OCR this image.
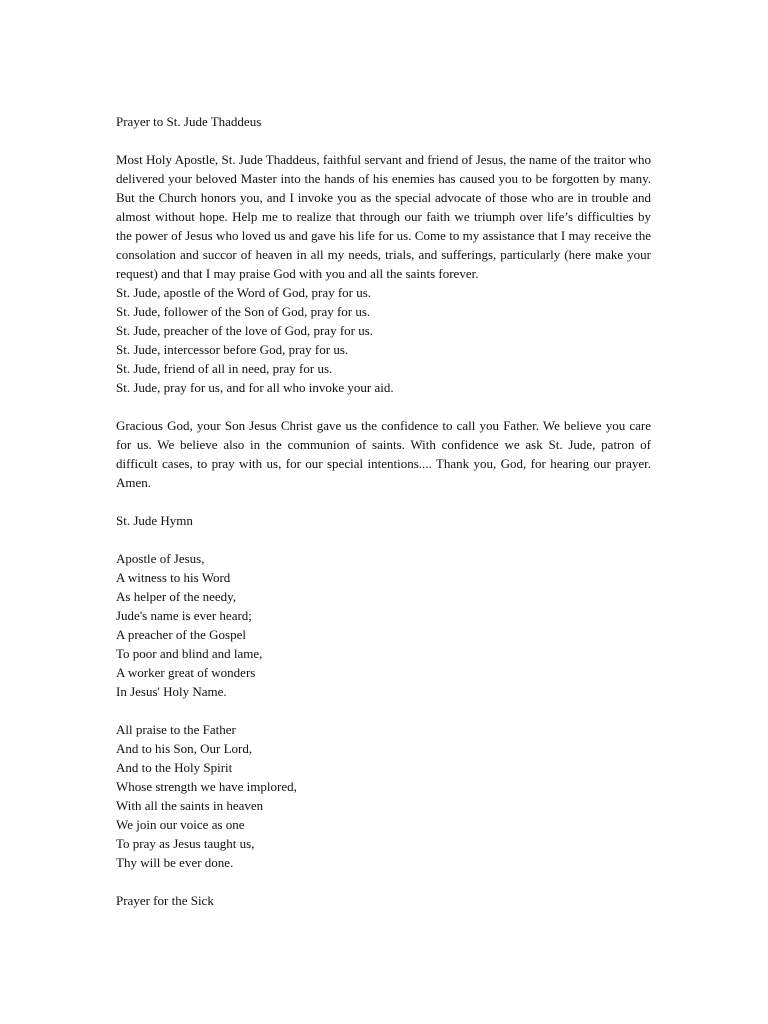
Prayer to St. Jude Thaddeus

Most Holy Apostle, St. Jude Thaddeus, faithful servant and friend of Jesus, the name of the traitor who delivered your beloved Master into the hands of his enemies has caused you to be forgotten by many. But the Church honors you, and I invoke you as the special advocate of those who are in trouble and almost without hope. Help me to realize that through our faith we triumph over life’s difficulties by the power of Jesus who loved us and gave his life for us. Come to my assistance that I may receive the consolation and succor of heaven in all my needs, trials, and sufferings, particularly (here make your request) and that I may praise God with you and all the saints forever.

St. Jude, apostle of the Word of God, pray for us.

St. Jude, follower of the Son of God, pray for us.

St. Jude, preacher of the love of God, pray for us.

St. Jude, intercessor before God, pray for us.

St. Jude, friend of all in need, pray for us.

St. Jude, pray for us, and for all who invoke your aid.

Gracious God, your Son Jesus Christ gave us the confidence to call you Father. We believe you care for us. We believe also in the communion of saints. With confidence we ask St. Jude, patron of difficult cases, to pray with us, for our special intentions.... Thank you, God, for hearing our prayer. Amen.

St. Jude Hymn

Apostle of Jesus,

A witness to his Word

As helper of the needy,

Jude's name is ever heard;

A preacher of the Gospel

To poor and blind and lame,

A worker great of wonders

In Jesus' Holy Name.

All praise to the Father

And to his Son, Our Lord,

And to the Holy Spirit

Whose strength we have implored,

With all the saints in heaven

We join our voice as one

To pray as Jesus taught us,

Thy will be ever done.

Prayer for the Sick
